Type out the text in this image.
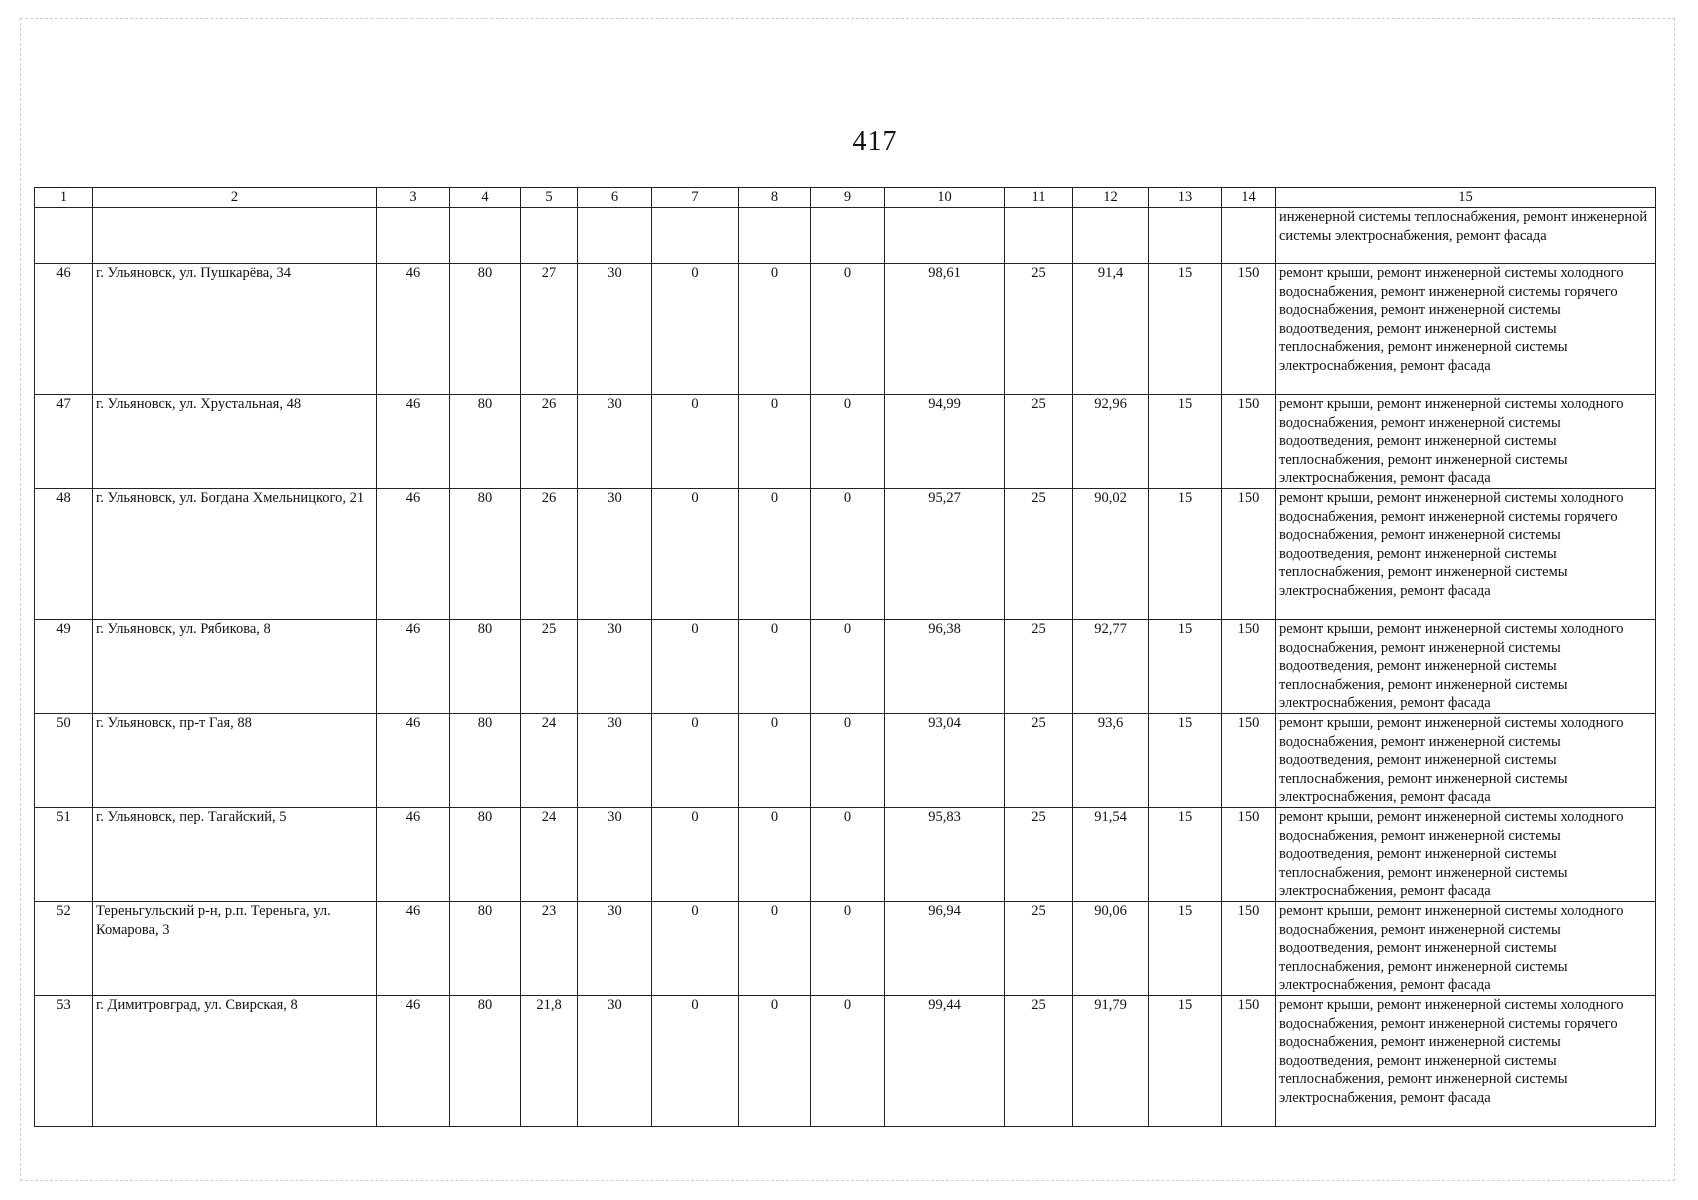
417
1	2	3	4	5	6	7	8	9	10	11	12	13	14	15
														инженерной системы теплоснабжения, ремонт инженерной системы электроснабжения, ремонт фасада
46	г. Ульяновск, ул. Пушкарёва, 34	46	80	27	30	0	0	0	98,61	25	91,4	15	150	ремонт крыши, ремонт инженерной системы холодного водоснабжения, ремонт инженерной системы горячего водоснабжения, ремонт инженерной системы водоотведения, ремонт инженерной системы теплоснабжения, ремонт инженерной системы электроснабжения, ремонт фасада
47	г. Ульяновск, ул. Хрустальная, 48	46	80	26	30	0	0	0	94,99	25	92,96	15	150	ремонт крыши, ремонт инженерной системы холодного водоснабжения, ремонт инженерной системы водоотведения, ремонт инженерной системы теплоснабжения, ремонт инженерной системы электроснабжения, ремонт фасада
48	г. Ульяновск, ул. Богдана Хмельницкого, 21	46	80	26	30	0	0	0	95,27	25	90,02	15	150	ремонт крыши, ремонт инженерной системы холодного водоснабжения, ремонт инженерной системы горячего водоснабжения, ремонт инженерной системы водоотведения, ремонт инженерной системы теплоснабжения, ремонт инженерной системы электроснабжения, ремонт фасада
49	г. Ульяновск, ул. Рябикова, 8	46	80	25	30	0	0	0	96,38	25	92,77	15	150	ремонт крыши, ремонт инженерной системы холодного водоснабжения, ремонт инженерной системы водоотведения, ремонт инженерной системы теплоснабжения, ремонт инженерной системы электроснабжения, ремонт фасада
50	г. Ульяновск, пр-т Гая, 88	46	80	24	30	0	0	0	93,04	25	93,6	15	150	ремонт крыши, ремонт инженерной системы холодного водоснабжения, ремонт инженерной системы водоотведения, ремонт инженерной системы теплоснабжения, ремонт инженерной системы электроснабжения, ремонт фасада
51	г. Ульяновск, пер. Тагайский, 5	46	80	24	30	0	0	0	95,83	25	91,54	15	150	ремонт крыши, ремонт инженерной системы холодного водоснабжения, ремонт инженерной системы водоотведения, ремонт инженерной системы теплоснабжения, ремонт инженерной системы электроснабжения, ремонт фасада
52	Тереньгульский р-н, р.п. Тереньга, ул. Комарова, 3	46	80	23	30	0	0	0	96,94	25	90,06	15	150	ремонт крыши, ремонт инженерной системы холодного водоснабжения, ремонт инженерной системы водоотведения, ремонт инженерной системы теплоснабжения, ремонт инженерной системы электроснабжения, ремонт фасада
53	г. Димитровград, ул. Свирская, 8	46	80	21,8	30	0	0	0	99,44	25	91,79	15	150	ремонт крыши, ремонт инженерной системы холодного водоснабжения, ремонт инженерной системы горячего водоснабжения, ремонт инженерной системы водоотведения, ремонт инженерной системы теплоснабжения, ремонт инженерной системы электроснабжения, ремонт фасада
